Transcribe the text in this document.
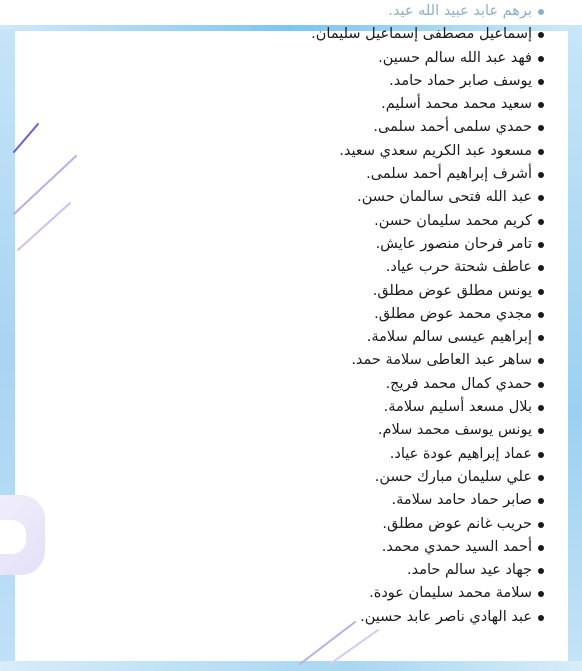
برهم عابد عبيد الله عيد.
إسماعيل مصطفى إسماعيل سليمان.
فهد عبد الله سالم حسين.
يوسف صابر حماد حامد.
سعيد محمد محمد أسليم.
حمدي سلمى أحمد سلمى.
مسعود عبد الكريم سعدي سعيد.
أشرف إبراهيم أحمد سلمى.
عبد الله فتحى سالمان حسن.
كريم محمد سليمان حسن.
تامر فرحان منصور عايش.
عاطف شحتة حرب عياد.
يونس مطلق عوض مطلق.
مجدي محمد عوض مطلق.
إبراهيم عيسى سالم سلامة.
ساهر عبد العاطى سلامة حمد.
حمدي كمال محمد فريج.
بلال مسعد أسليم سلامة.
يونس يوسف محمد سلام.
عماد إبراهيم عودة عياد.
علي سليمان مبارك حسن.
صابر حماد حامد سلامة.
حريب غانم عوض مطلق.
أحمد السيد حمدي محمد.
جهاد عيد سالم حامد.
سلامة محمد سليمان عودة.
عبد الهادي ناصر عابد حسين.
